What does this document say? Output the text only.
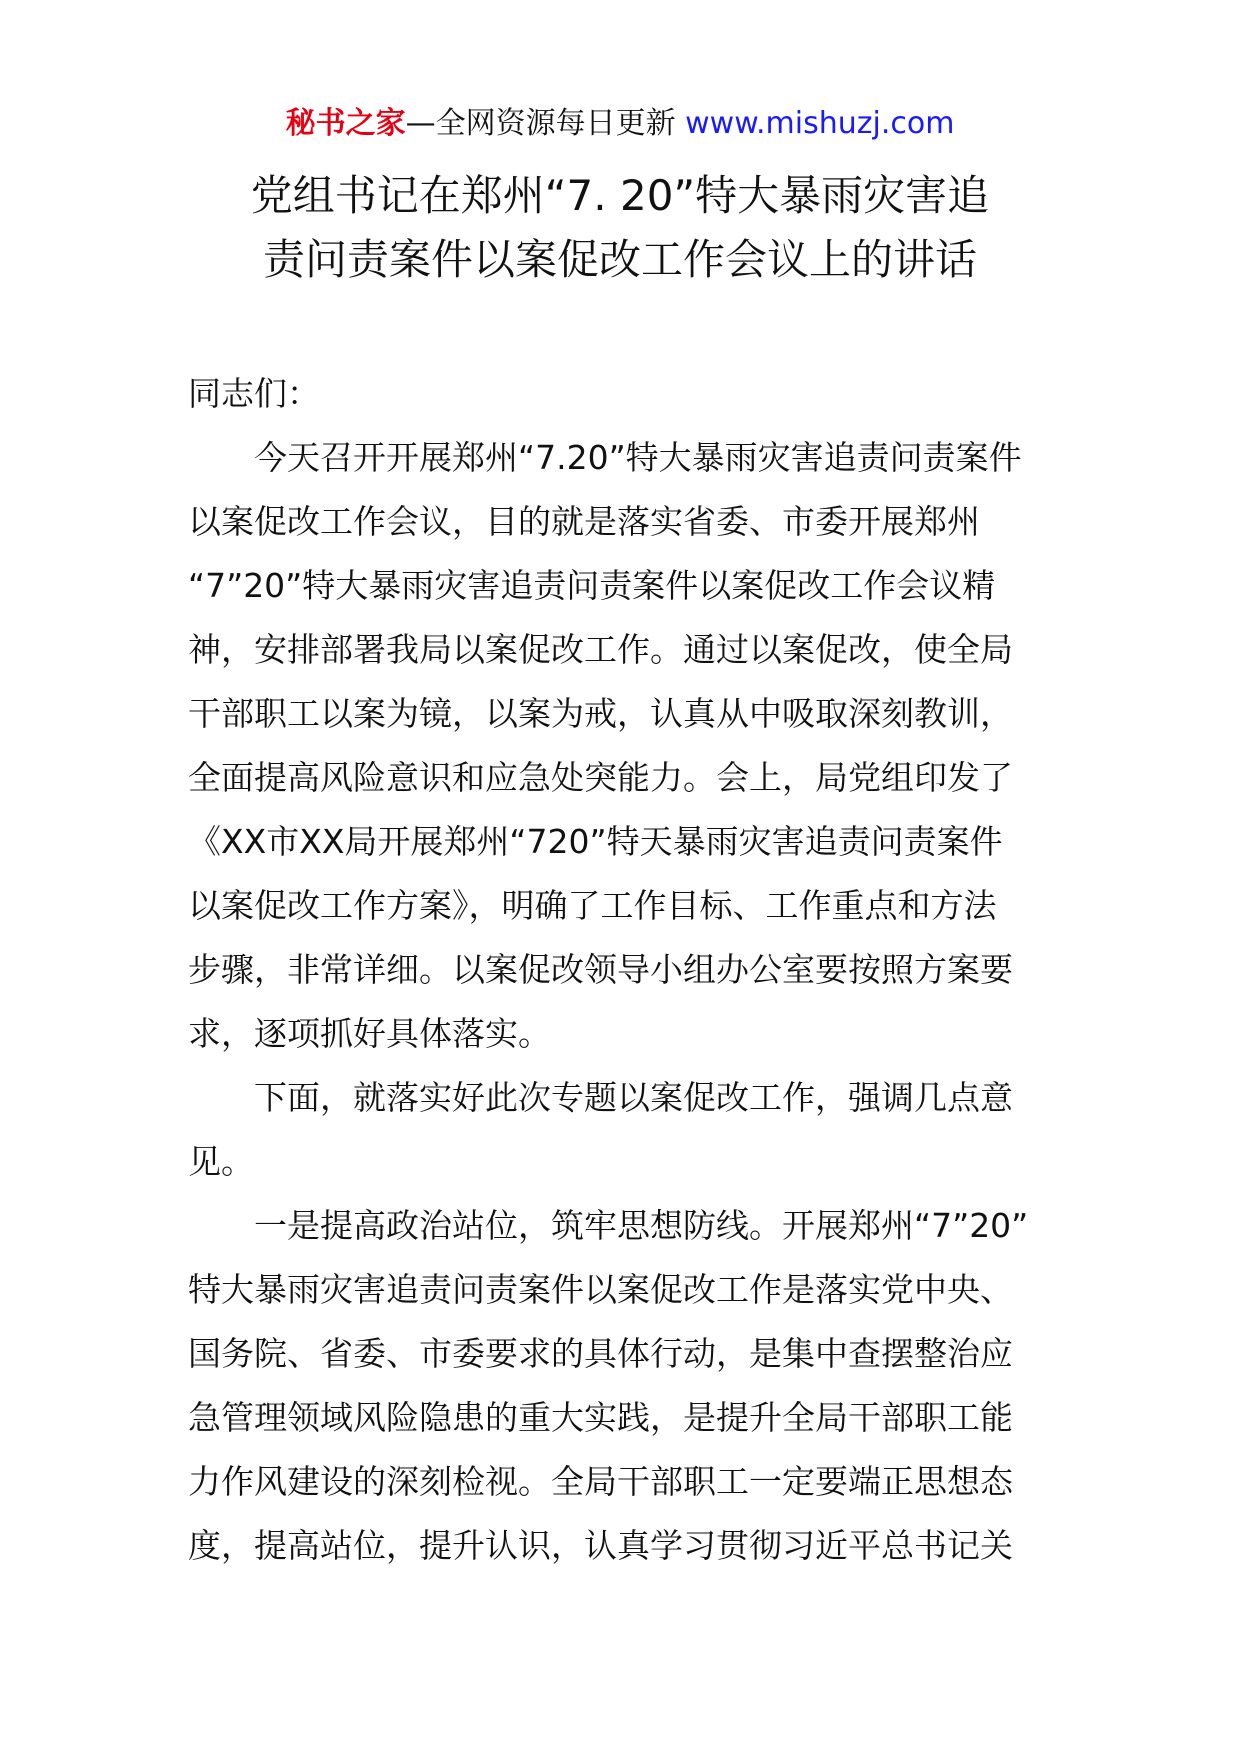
秘书之家—全网资源每日更新 www.mishuzj.com
党组书记在郑州“7. 20”特大暴雨灾害追
责问责案件以案促改工作会议上的讲话
同志们：
今天召开开展郑州“7.20”特大暴雨灾害追责问责案件
以案促改工作会议，目的就是落实省委、市委开展郑州
“7”20”特大暴雨灾害追责问责案件以案促改工作会议精
神，安排部署我局以案促改工作。通过以案促改，使全局
干部职工以案为镜，以案为戒，认真从中吸取深刻教训，
全面提高风险意识和应急处突能力。会上，局党组印发了
《XX市XX局开展郑州“720”特天暴雨灾害追责问责案件
以案促改工作方案》，明确了工作目标、工作重点和方法
步骤，非常详细。以案促改领导小组办公室要按照方案要
求，逐项抓好具体落实。
下面，就落实好此次专题以案促改工作，强调几点意
见。
一是提高政治站位，筑牢思想防线。开展郑州“7”20”
特大暴雨灾害追责问责案件以案促改工作是落实党中央、
国务院、省委、市委要求的具体行动，是集中查摆整治应
急管理领域风险隐患的重大实践，是提升全局干部职工能
力作风建设的深刻检视。全局干部职工一定要端正思想态
度，提高站位，提升认识，认真学习贯彻习近平总书记关
